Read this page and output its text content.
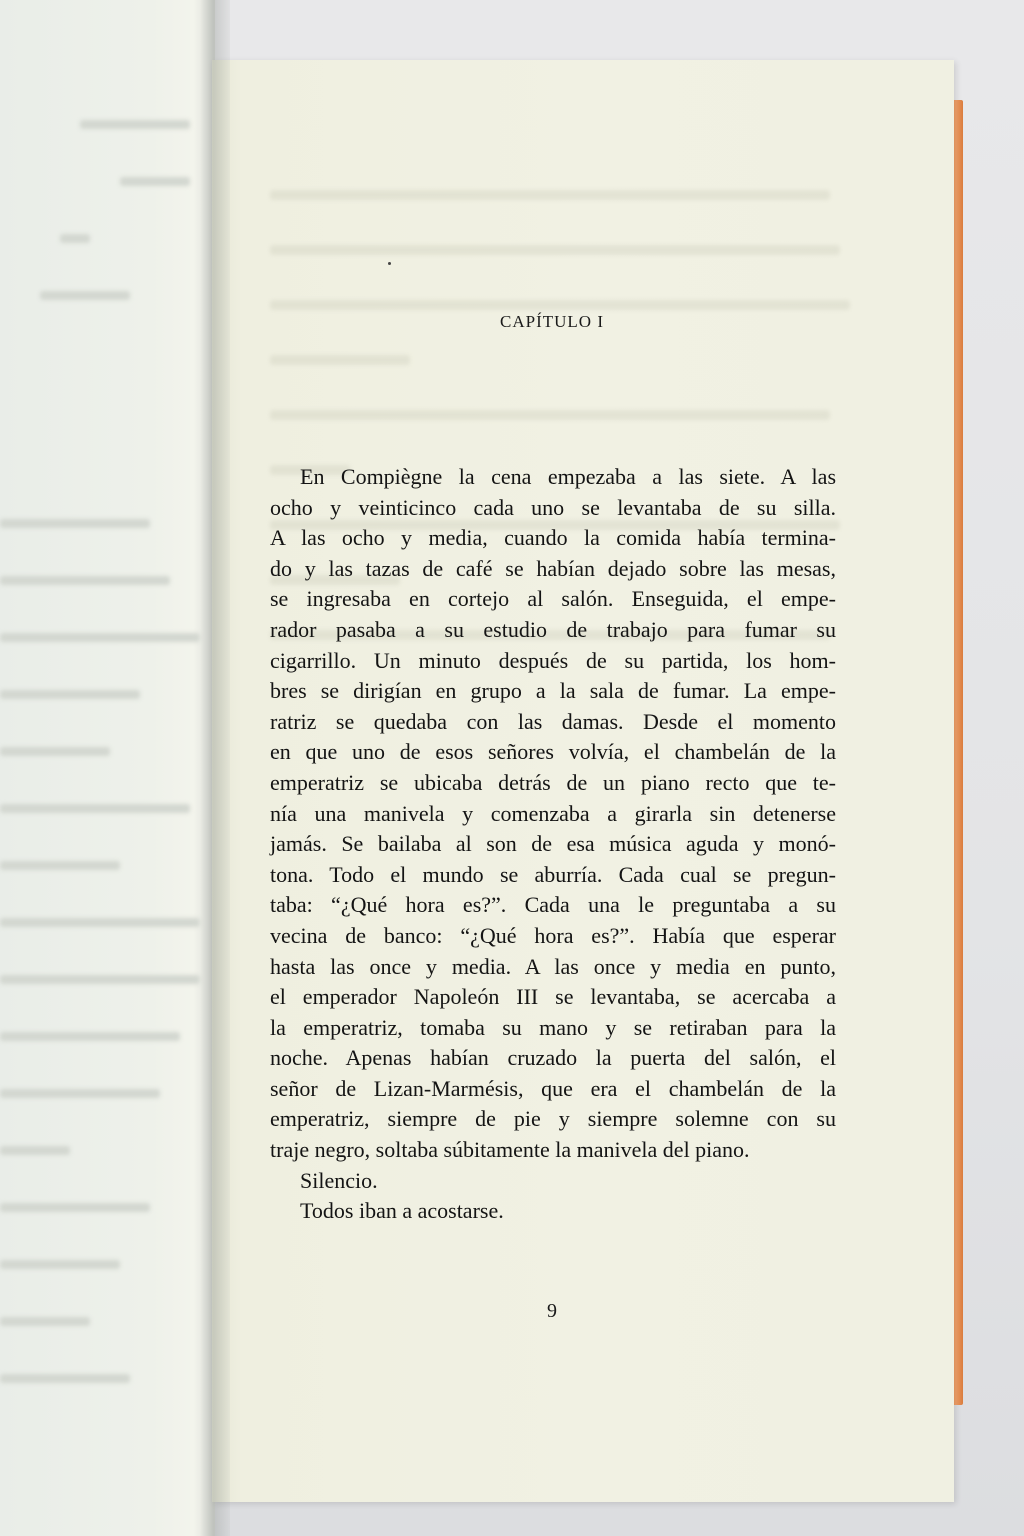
CAPÍTULO I
En Compiègne la cena empezaba a las siete. A las
ocho y veinticinco cada uno se levantaba de su silla.
A las ocho y media, cuando la comida había termina-
do y las tazas de café se habían dejado sobre las mesas,
se ingresaba en cortejo al salón. Enseguida, el empe-
rador pasaba a su estudio de trabajo para fumar su
cigarrillo. Un minuto después de su partida, los hom-
bres se dirigían en grupo a la sala de fumar. La empe-
ratriz se quedaba con las damas. Desde el momento
en que uno de esos señores volvía, el chambelán de la
emperatriz se ubicaba detrás de un piano recto que te-
nía una manivela y comenzaba a girarla sin detenerse
jamás. Se bailaba al son de esa música aguda y monó-
tona. Todo el mundo se aburría. Cada cual se pregun-
taba: “¿Qué hora es?”. Cada una le preguntaba a su
vecina de banco: “¿Qué hora es?”. Había que esperar
hasta las once y media. A las once y media en punto,
el emperador Napoleón III se levantaba, se acercaba a
la emperatriz, tomaba su mano y se retiraban para la
noche. Apenas habían cruzado la puerta del salón, el
señor de Lizan-Marmésis, que era el chambelán de la
emperatriz, siempre de pie y siempre solemne con su
traje negro, soltaba súbitamente la manivela del piano.
Silencio.
Todos iban a acostarse.
9
